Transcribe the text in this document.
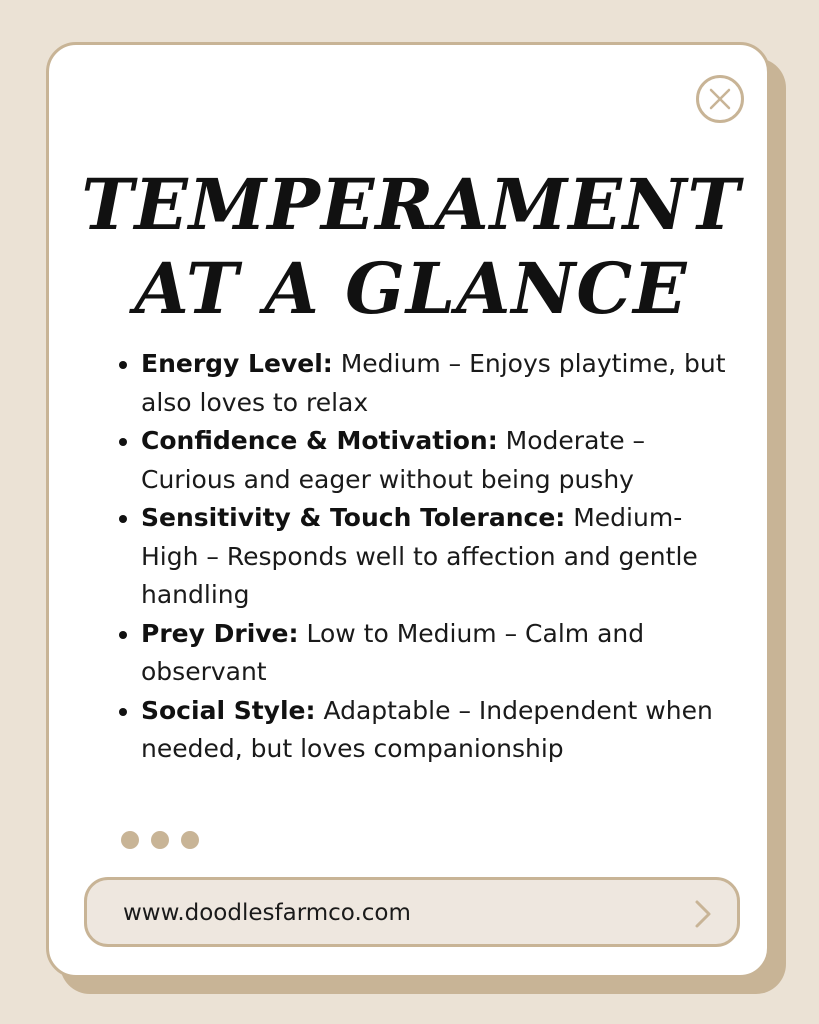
TEMPERAMENT
AT A GLANCE
Energy Level: Medium – Enjoys playtime, but also loves to relax
Confidence & Motivation: Moderate – Curious and eager without being pushy
Sensitivity & Touch Tolerance: Medium-High – Responds well to affection and gentle handling
Prey Drive: Low to Medium – Calm and observant
Social Style: Adaptable – Independent when needed, but loves companionship
www.doodlesfarmco.com
